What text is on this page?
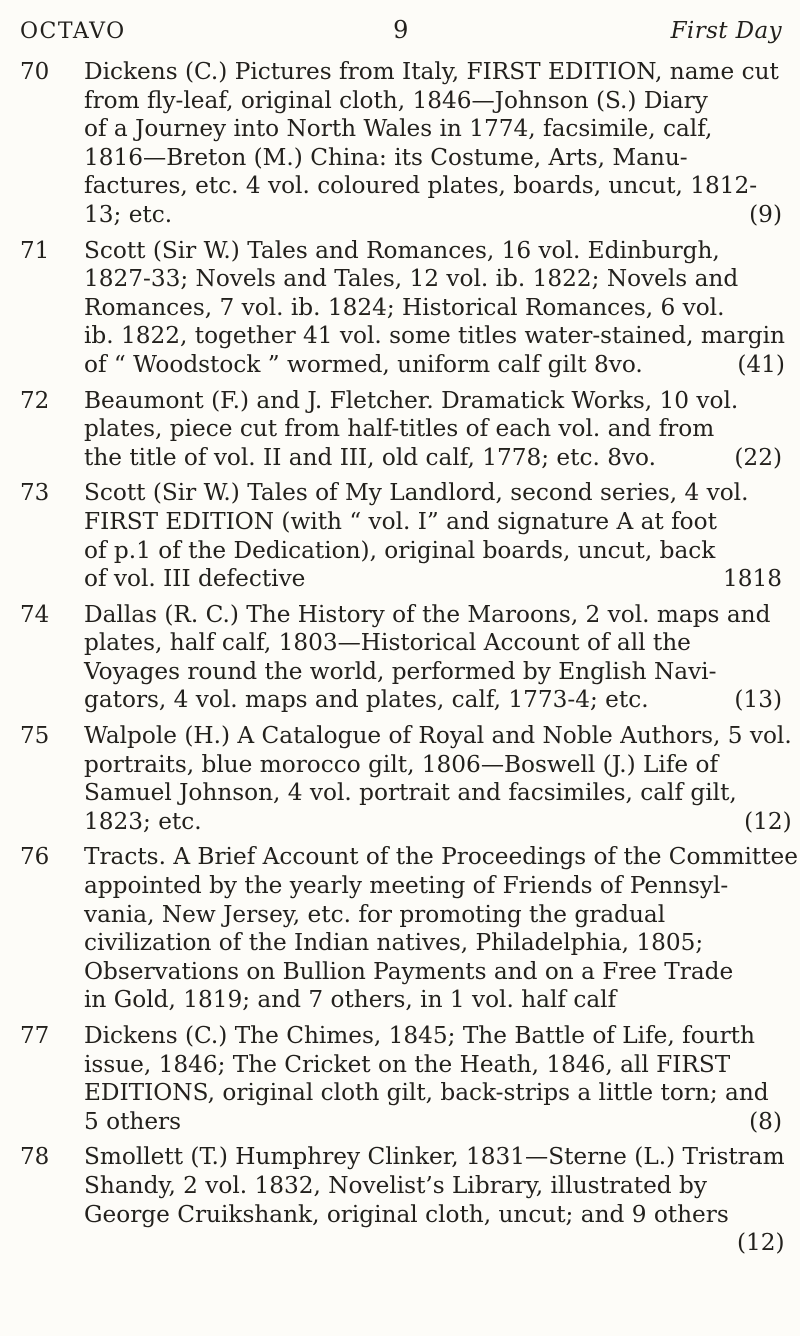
OCTAVO	9	First Day
70	Dickens (C.) Pictures from Italy, FIRST EDITION, name cut
from fly-leaf, original cloth, 1846—Johnson (S.) Diary
of a Journey into North Wales in 1774, facsimile, calf,
1816—Breton (M.) China: its Costume, Arts, Manu-
factures, etc. 4 vol. coloured plates, boards, uncut, 1812-
13; etc.	(9)
71	Scott (Sir W.) Tales and Romances, 16 vol. Edinburgh,
1827-33; Novels and Tales, 12 vol. ib. 1822; Novels and
Romances, 7 vol. ib. 1824; Historical Romances, 6 vol.
ib. 1822, together 41 vol. some titles water-stained, margin
of “ Woodstock ” wormed, uniform calf gilt 8vo.	(41)
72	Beaumont (F.) and J. Fletcher. Dramatick Works, 10 vol.
plates, piece cut from half-titles of each vol. and from
the title of vol. II and III, old calf, 1778; etc. 8vo.	(22)
73	Scott (Sir W.) Tales of My Landlord, second series, 4 vol.
FIRST EDITION (with “ vol. I” and signature A at foot
of p.1 of the Dedication), original boards, uncut, back
of vol. III defective	1818
74	Dallas (R. C.) The History of the Maroons, 2 vol. maps and
plates, half calf, 1803—Historical Account of all the
Voyages round the world, performed by English Navi-
gators, 4 vol. maps and plates, calf, 1773-4; etc.	(13)
75	Walpole (H.) A Catalogue of Royal and Noble Authors, 5 vol.
portraits, blue morocco gilt, 1806—Boswell (J.) Life of
Samuel Johnson, 4 vol. portrait and facsimiles, calf gilt,
1823; etc.	(12)
76	Tracts. A Brief Account of the Proceedings of the Committee
appointed by the yearly meeting of Friends of Pennsyl-
vania, New Jersey, etc. for promoting the gradual
civilization of the Indian natives, Philadelphia, 1805;
Observations on Bullion Payments and on a Free Trade
in Gold, 1819; and 7 others, in 1 vol. half calf
77	Dickens (C.) The Chimes, 1845; The Battle of Life, fourth
issue, 1846; The Cricket on the Heath, 1846, all FIRST
EDITIONS, original cloth gilt, back-strips a little torn; and
5 others	(8)
78	Smollett (T.) Humphrey Clinker, 1831—Sterne (L.) Tristram
Shandy, 2 vol. 1832, Novelist’s Library, illustrated by
George Cruikshank, original cloth, uncut; and 9 others
(12)
